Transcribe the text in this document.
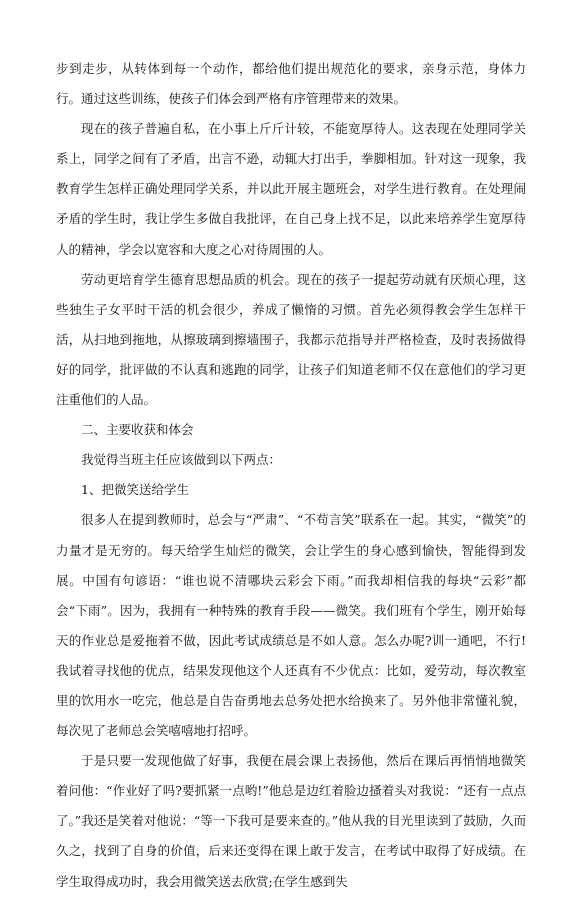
步到走步，从转体到每一个动作，都给他们提出规范化的要求，亲身示范，身体力行。通过这些训练，使孩子们体会到严格有序管理带来的效果。

现在的孩子普遍自私，在小事上斤斤计较，不能宽厚待人。这表现在处理同学关系上，同学之间有了矛盾，出言不逊，动辄大打出手，拳脚相加。针对这一现象，我教育学生怎样正确处理同学关系，并以此开展主题班会，对学生进行教育。在处理闹矛盾的学生时，我让学生多做自我批评，在自己身上找不足，以此来培养学生宽厚待人的精神，学会以宽容和大度之心对待周围的人。

劳动更培育学生德育思想品质的机会。现在的孩子一提起劳动就有厌烦心理，这些独生子女平时干活的机会很少，养成了懒惰的习惯。首先必须得教会学生怎样干活，从扫地到拖地，从擦玻璃到擦墙围子，我都示范指导并严格检查，及时表扬做得好的同学，批评做的不认真和逃跑的同学，让孩子们知道老师不仅在意他们的学习更注重他们的人品。

二、主要收获和体会

我觉得当班主任应该做到以下两点：

1、把微笑送给学生

很多人在提到教师时，总会与“严肃”、“不苟言笑”联系在一起。其实，“微笑”的力量才是无穷的。每天给学生灿烂的微笑，会让学生的身心感到愉快，智能得到发展。中国有句谚语：“谁也说不清哪块云彩会下雨。”而我却相信我的每块“云彩”都会“下雨”。因为，我拥有一种特殊的教育手段——微笑。我们班有个学生，刚开始每天的作业总是爱拖着不做，因此考试成绩总是不如人意。怎么办呢?训一通吧，不行!我试着寻找他的优点，结果发现他这个人还真有不少优点：比如，爱劳动，每次教室里的饮用水一吃完，他总是自告奋勇地去总务处把水给换来了。另外他非常懂礼貌，每次见了老师总会笑嘻嘻地打招呼。

于是只要一发现他做了好事，我便在晨会课上表扬他，然后在课后再悄悄地微笑着问他：“作业好了吗?要抓紧一点哟!”他总是边红着脸边搔着头对我说：“还有一点点了。”我还是笑着对他说：“等一下我可是要来查的。”他从我的目光里读到了鼓励，久而久之，找到了自身的价值，后来还变得在课上敢于发言，在考试中取得了好成绩。在学生取得成功时，我会用微笑送去欣赏;在学生感到失
